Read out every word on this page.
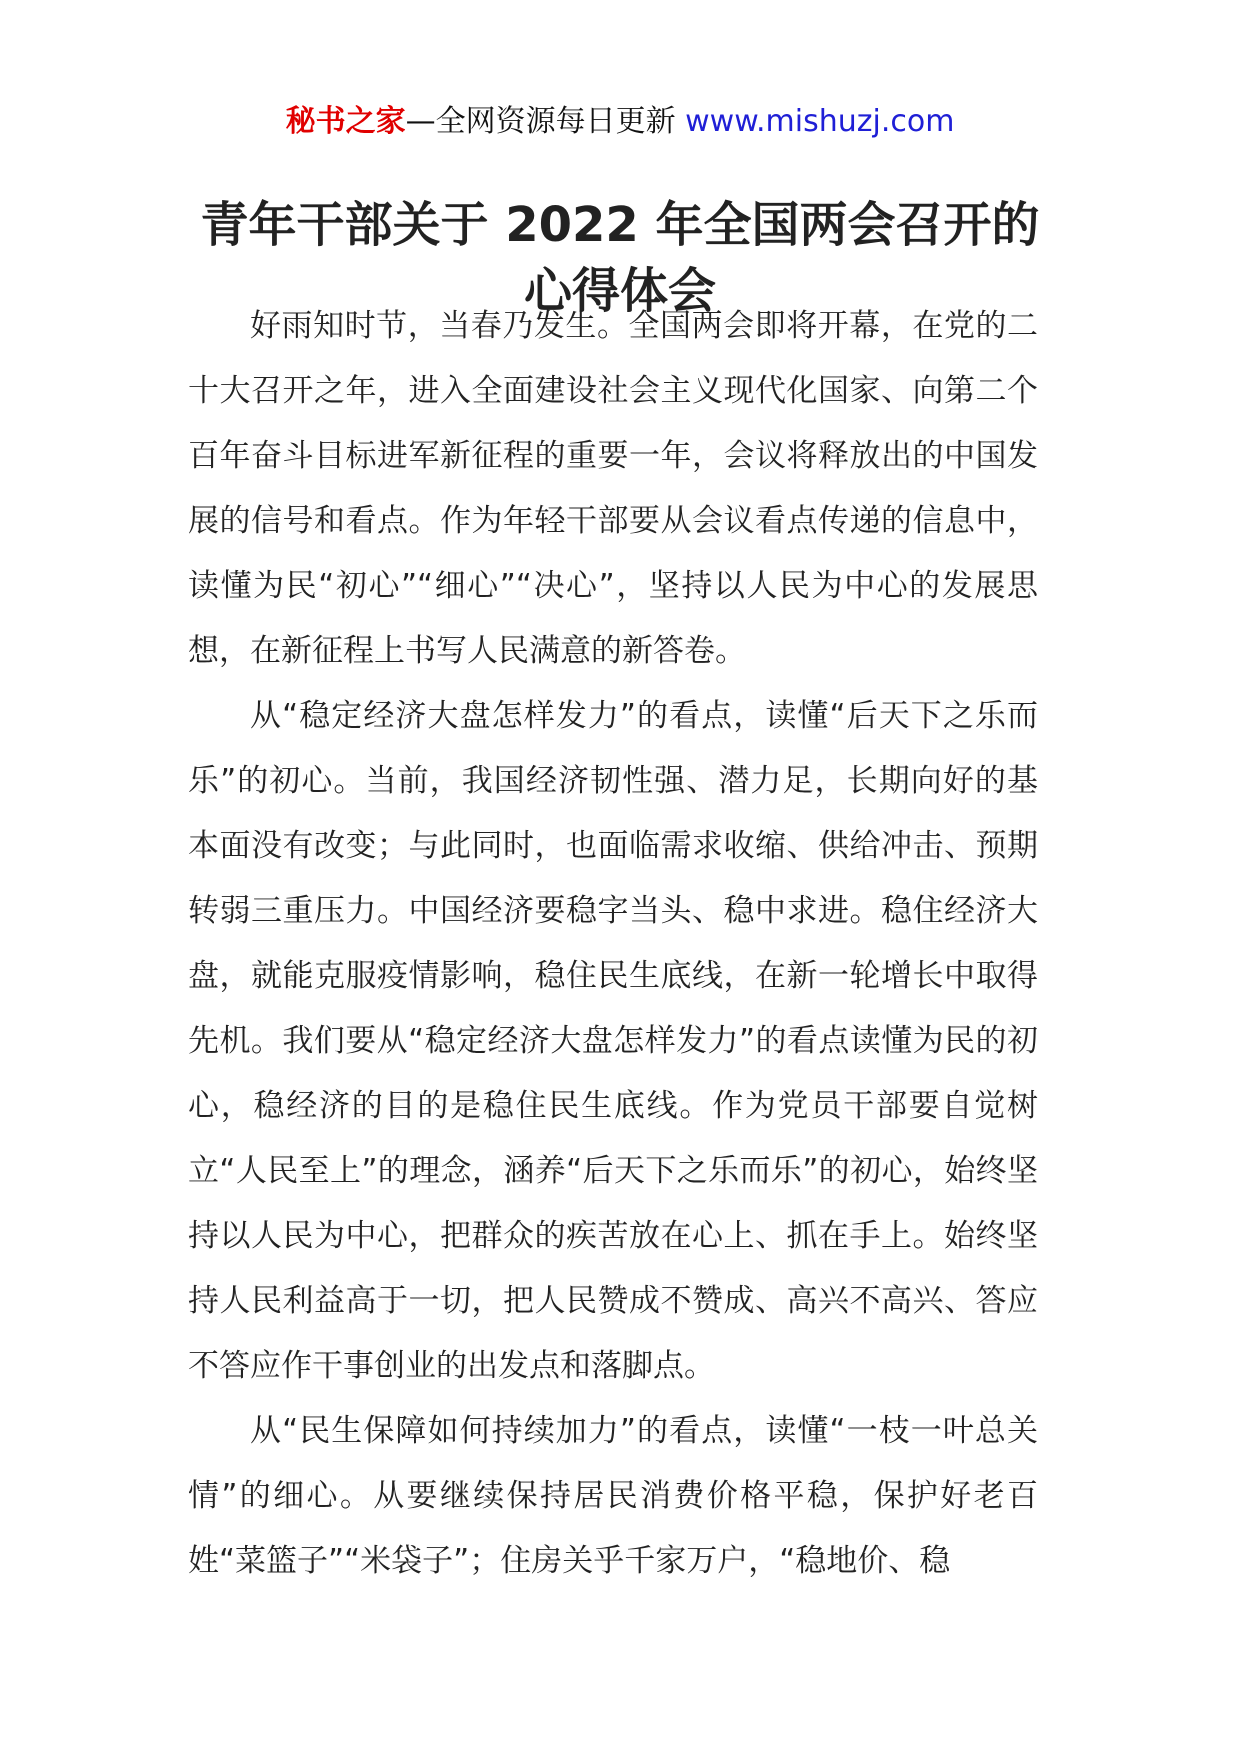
秘书之家—全网资源每日更新 www.mishuzj.com
青年干部关于 2022 年全国两会召开的
心得体会

好雨知时节，当春乃发生。全国两会即将开幕，在党的二十大召开之年，进入全面建设社会主义现代化国家、向第二个百年奋斗目标进军新征程的重要一年，会议将释放出的中国发展的信号和看点。作为年轻干部要从会议看点传递的信息中，读懂为民“初心”“细心”“决心”，坚持以人民为中心的发展思想，在新征程上书写人民满意的新答卷。

从“稳定经济大盘怎样发力”的看点，读懂“后天下之乐而乐”的初心。当前，我国经济韧性强、潜力足，长期向好的基本面没有改变；与此同时，也面临需求收缩、供给冲击、预期转弱三重压力。中国经济要稳字当头、稳中求进。稳住经济大盘，就能克服疫情影响，稳住民生底线，在新一轮增长中取得先机。我们要从“稳定经济大盘怎样发力”的看点读懂为民的初心，稳经济的目的是稳住民生底线。作为党员干部要自觉树立“人民至上”的理念，涵养“后天下之乐而乐”的初心，始终坚持以人民为中心，把群众的疾苦放在心上、抓在手上。始终坚持人民利益高于一切，把人民赞成不赞成、高兴不高兴、答应不答应作干事创业的出发点和落脚点。

从“民生保障如何持续加力”的看点，读懂“一枝一叶总关情”的细心。从要继续保持居民消费价格平稳，保护好老百姓“菜篮子”“米袋子”；住房关乎千家万户，“稳地价、稳
